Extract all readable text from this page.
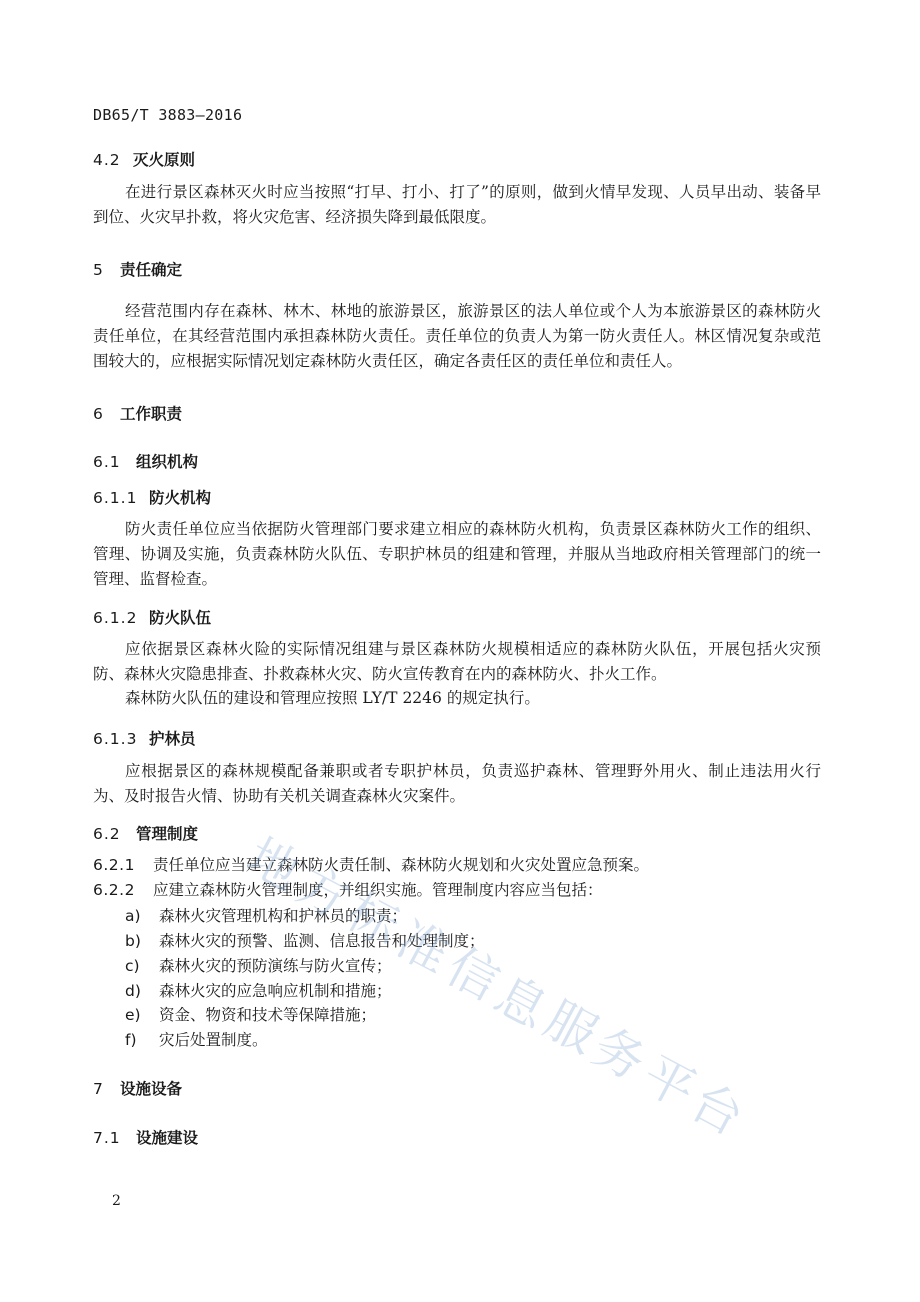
DB65/T 3883—2016
4.2 灭火原则
在进行景区森林灭火时应当按照“打早、打小、打了”的原则，做到火情早发现、人员早出动、装备早到位、火灾早扑救，将火灾危害、经济损失降到最低限度。
5	责任确定
经营范围内存在森林、林木、林地的旅游景区，旅游景区的法人单位或个人为本旅游景区的森林防火责任单位，在其经营范围内承担森林防火责任。责任单位的负责人为第一防火责任人。林区情况复杂或范围较大的，应根据实际情况划定森林防火责任区，确定各责任区的责任单位和责任人。
6	工作职责
6.1 组织机构
6.1.1 防火机构
防火责任单位应当依据防火管理部门要求建立相应的森林防火机构，负责景区森林防火工作的组织、管理、协调及实施，负责森林防火队伍、专职护林员的组建和管理，并服从当地政府相关管理部门的统一管理、监督检查。
6.1.2 防火队伍
应依据景区森林火险的实际情况组建与景区森林防火规模相适应的森林防火队伍，开展包括火灾预防、森林火灾隐患排查、扑救森林火灾、防火宣传教育在内的森林防火、扑火工作。
森林防火队伍的建设和管理应按照 LY/T 2246 的规定执行。
6.1.3 护林员
应根据景区的森林规模配备兼职或者专职护林员，负责巡护森林、管理野外用火、制止违法用火行为、及时报告火情、协助有关机关调查森林火灾案件。
6.2 管理制度
6.2.1	责任单位应当建立森林防火责任制、森林防火规划和火灾处置应急预案。
6.2.2	应建立森林防火管理制度，并组织实施。管理制度内容应当包括：
a)	森林火灾管理机构和护林员的职责；
b)	森林火灾的预警、监测、信息报告和处理制度；
c)	森林火灾的预防演练与防火宣传；
d)	森林火灾的应急响应机制和措施；
e)	资金、物资和技术等保障措施；
f)	灾后处置制度。
7	设施设备
7.1 设施建设
2
地
方
标
准
信
息
服
务
平
台
